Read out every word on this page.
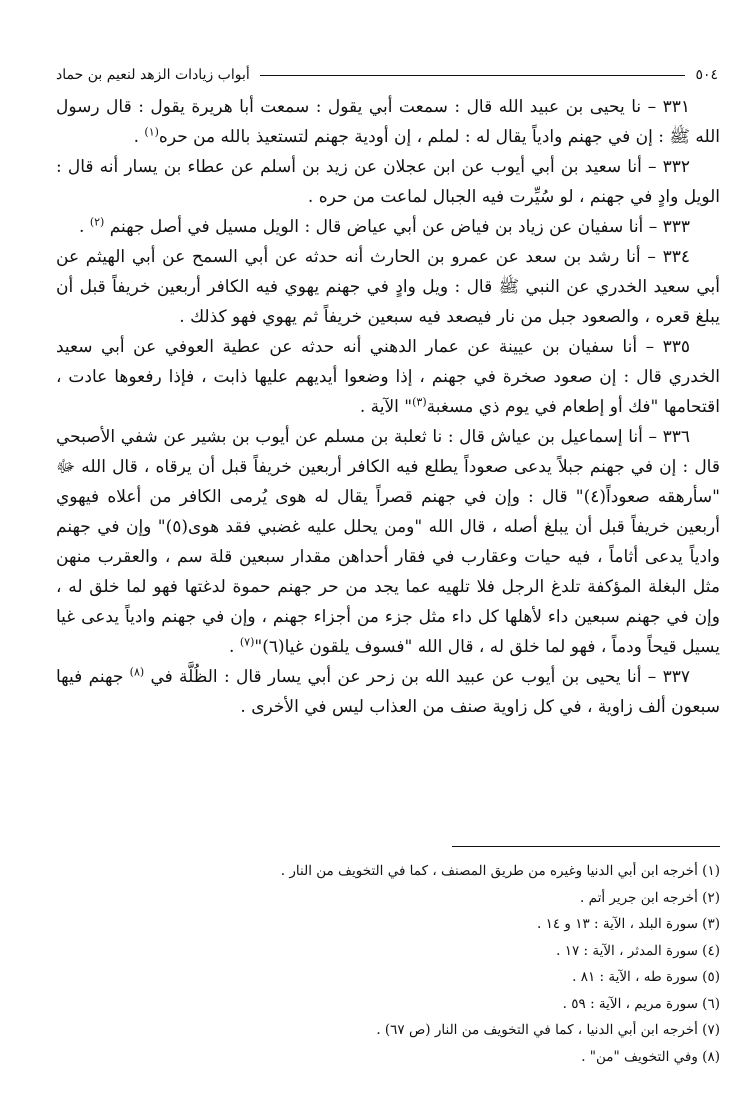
٥٠٤
أبواب زيادات الزهد لنعيم بن حماد

٣٣١ – نا يحيى بن عبيد الله قال : سمعت أبي يقول : سمعت أبا هريرة يقول : قال رسول الله ﷺ : إن في جهنم وادياً يقال له : لملم ، إن أودية جهنم لتستعيذ بالله من حره$^{(١)}$ .

٣٣٢ – أنا سعيد بن أبي أيوب عن ابن عجلان عن زيد بن أسلم عن عطاء بن يسار أنه قال : الويل وادٍ في جهنم ، لو سُيِّرت فيه الجبال لماعت من حره .

٣٣٣ – أنا سفيان عن زياد بن فياض عن أبي عياض قال : الويل مسيل في أصل جهنم $^{(٢)}$ .

٣٣٤ – أنا رشد بن سعد عن عمرو بن الحارث أنه حدثه عن أبي السمح عن أبي الهيثم عن أبي سعيد الخدري عن النبي ﷺ قال : ويل وادٍ في جهنم يهوي فيه الكافر أربعين خريفاً قبل أن يبلغ قعره ، والصعود جبل من نار فيصعد فيه سبعين خريفاً ثم يهوي فهو كذلك .

٣٣٥ – أنا سفيان بن عيينة عن عمار الدهني أنه حدثه عن عطية العوفي عن أبي سعيد الخدري قال : إن صعود صخرة في جهنم ، إذا وضعوا أيديهم عليها ذابت ، فإذا رفعوها عادت ، اقتحامها "فك أو إطعام في يوم ذي مسغبة$^{(٣)}$" الآية .

٣٣٦ – أنا إسماعيل بن عياش قال : نا ثعلبة بن مسلم عن أيوب بن بشير عن شفي الأصبحي قال : إن في جهنم جبلاً يدعى صعوداً يطلع فيه الكافر أربعين خريفاً قبل أن يرقاه ، قال الله ﷻ "سأرهقه صعوداً(٤)" قال : وإن في جهنم قصراً يقال له هوى يُرمى الكافر من أعلاه فيهوي أربعين خريفاً قبل أن يبلغ أصله ، قال الله "ومن يحلل عليه غضبي فقد هوى(٥)" وإن في جهنم وادياً يدعى أثاماً ، فيه حيات وعقارب في فقار أحداهن مقدار سبعين قلة سم ، والعقرب منهن مثل البغلة المؤكفة تلدغ الرجل فلا تلهيه عما يجد من حر جهنم حموة لدغتها فهو لما خلق له ، وإن في جهنم سبعين داء لأهلها كل داء مثل جزء من أجزاء جهنم ، وإن في جهنم وادياً يدعى غيا يسيل قيحاً ودماً ، فهو لما خلق له ، قال الله "فسوف يلقون غيا(٦)"$^{(٧)}$ .

٣٣٧ – أنا يحيى بن أيوب عن عبيد الله بن زحر عن أبي يسار قال : الظُلَّة في $^{(٨)}$ جهنم فيها سبعون ألف زاوية ، في كل زاوية صنف من العذاب ليس في الأخرى .

(١) أخرجه ابن أبي الدنيا وغيره من طريق المصنف ، كما في التخويف من النار .

(٢) أخرجه ابن جرير أتم .

(٣) سورة البلد ، الآية : ١٣ و ١٤ .

(٤) سورة المدثر ، الآية : ١٧ .

(٥) سورة طه ، الآية : ٨١ .

(٦) سورة مريم ، الآية : ٥٩ .

(٧) أخرجه ابن أبي الدنيا ، كما في التخويف من النار (ص ٦٧) .

(٨) وفي التخويف "من" .
